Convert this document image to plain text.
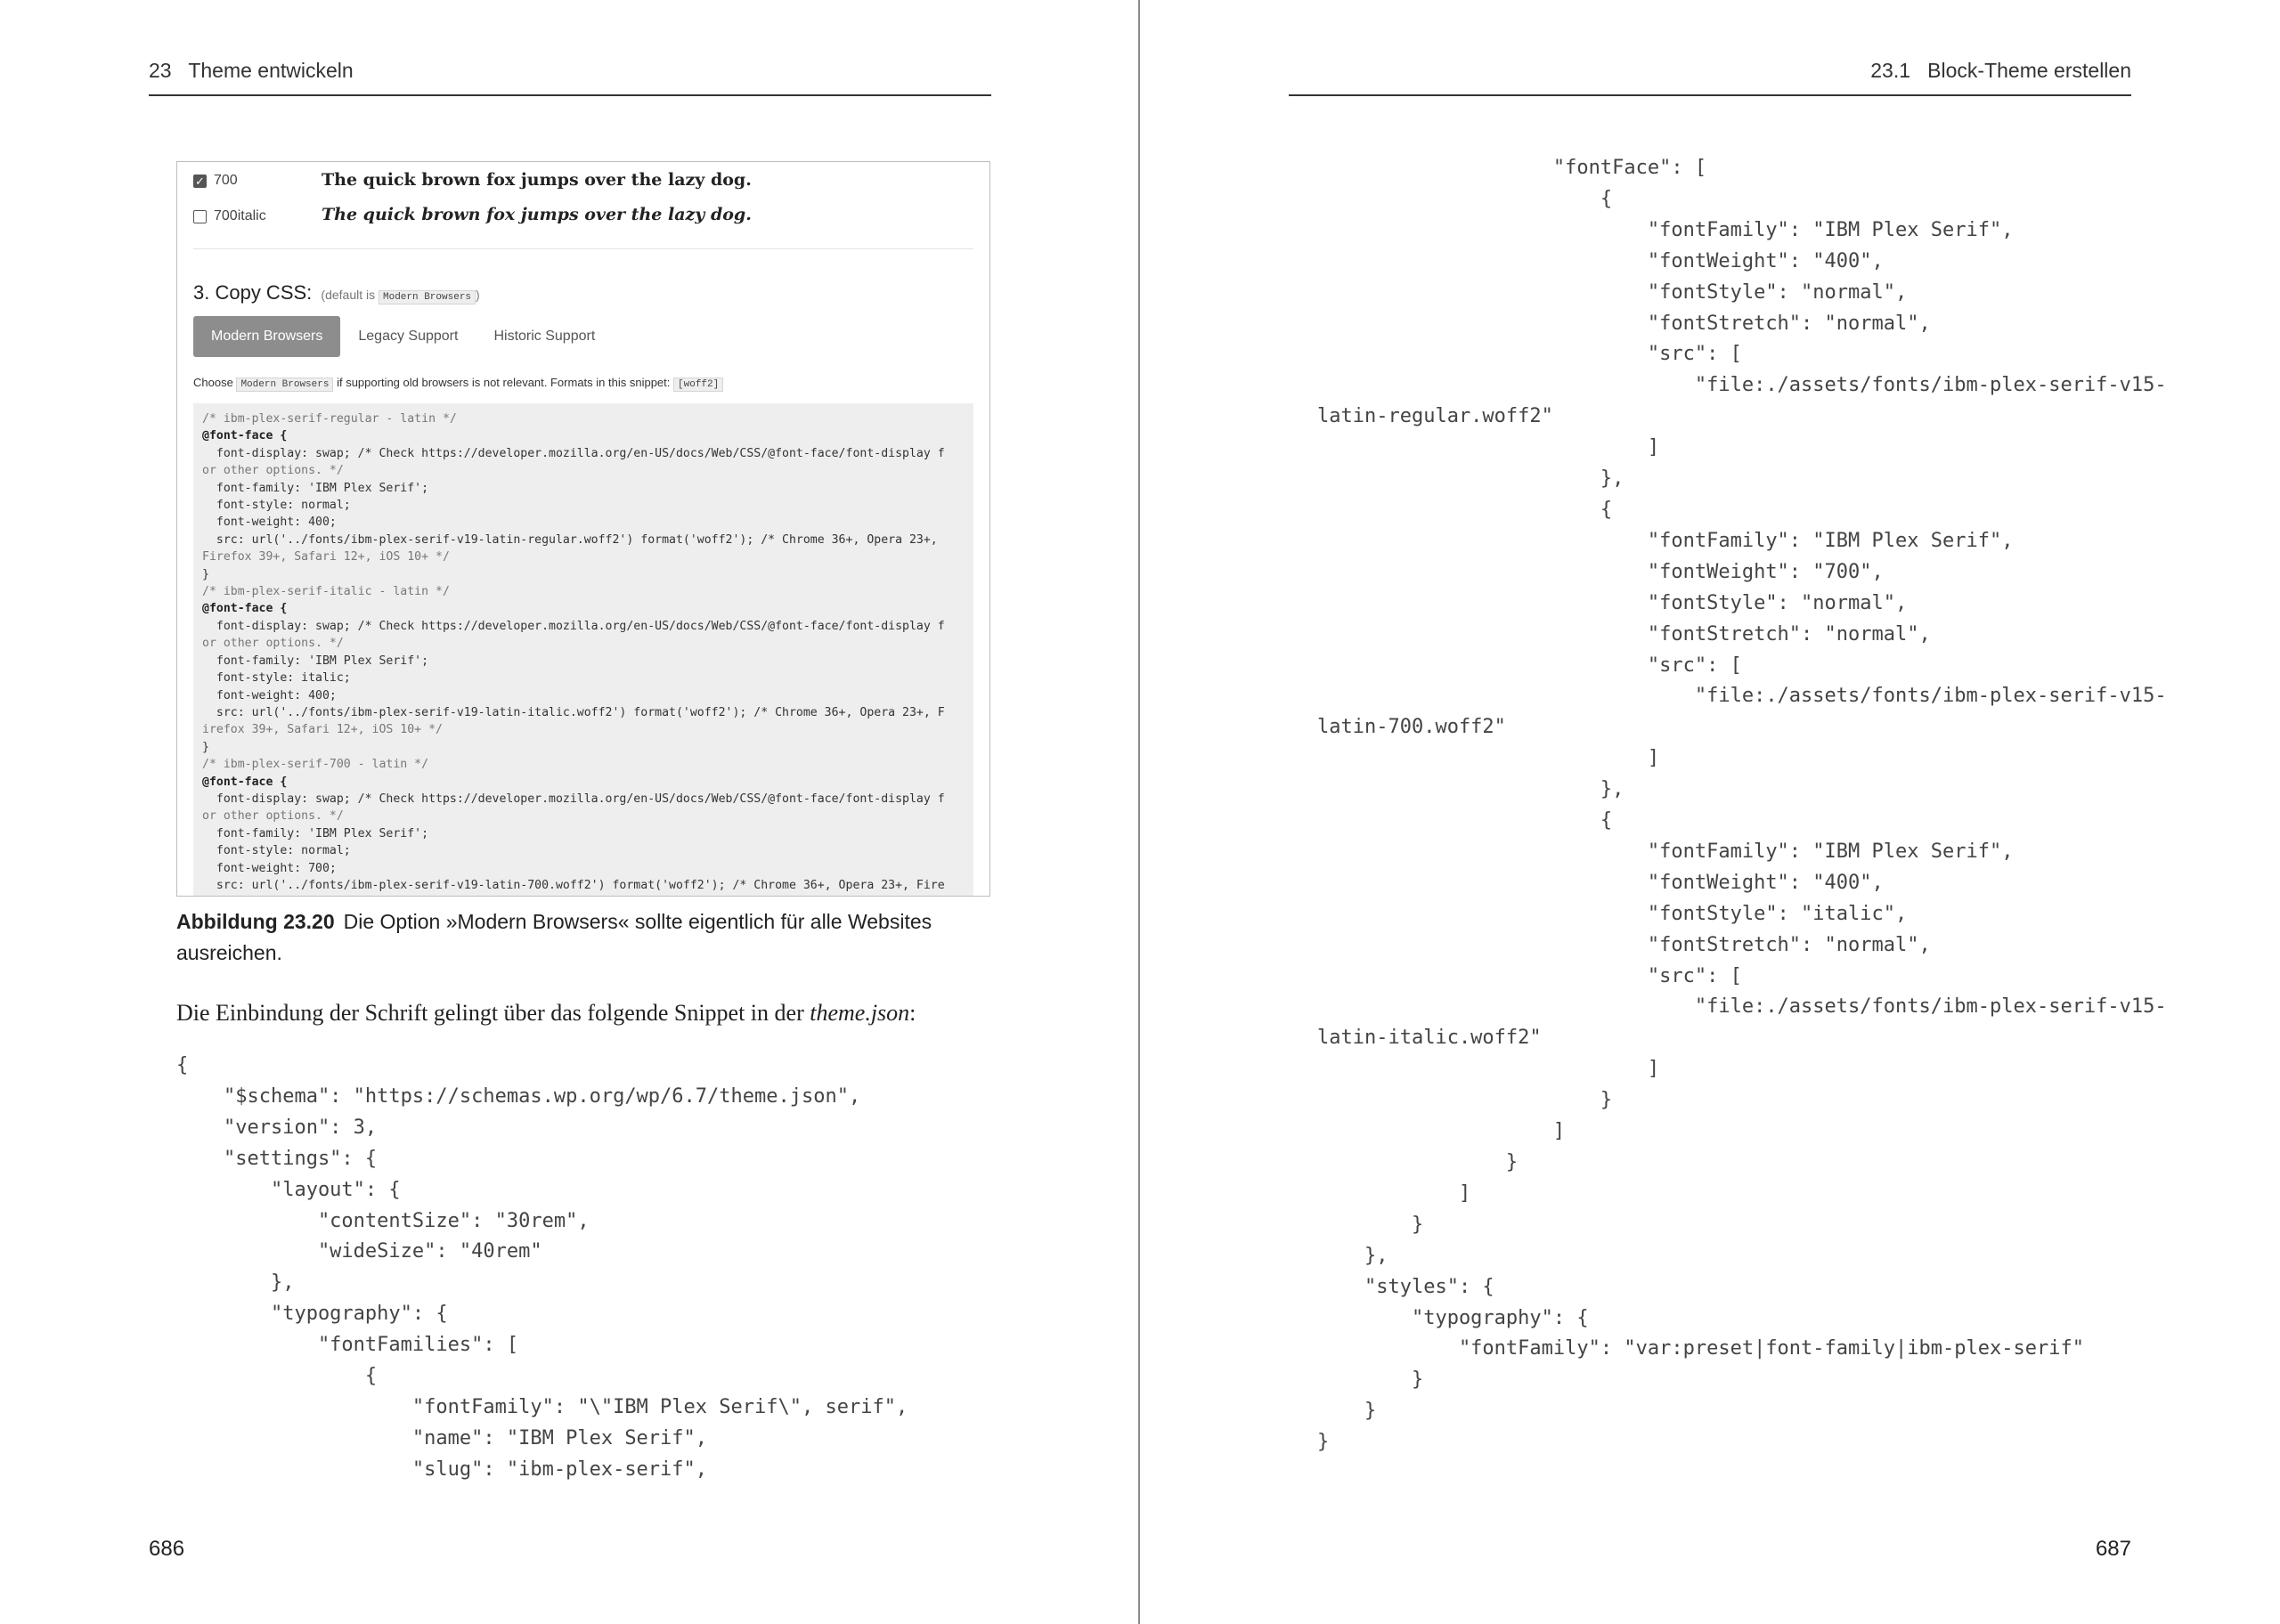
23   Theme entwickeln
✓ 700	The quick brown fox jumps over the lazy dog.
700italic	The quick brown fox jumps over the lazy dog.
3. Copy CSS: (default is Modern Browsers )
Modern Browsers	Legacy Support	Historic Support
Choose Modern Browsers if supporting old browsers is not relevant. Formats in this snippet: [woff2]
/* ibm-plex-serif-regular - latin */
@font-face {
font-display: swap; /* Check https://developer.mozilla.org/en-US/docs/Web/CSS/@font-face/font-display f
or other options. */
font-family: 'IBM Plex Serif';
font-style: normal;
font-weight: 400;
src: url('../fonts/ibm-plex-serif-v19-latin-regular.woff2') format('woff2'); /* Chrome 36+, Opera 23+,
Firefox 39+, Safari 12+, iOS 10+ */
}
/* ibm-plex-serif-italic - latin */
@font-face {
font-display: swap; /* Check https://developer.mozilla.org/en-US/docs/Web/CSS/@font-face/font-display f
or other options. */
font-family: 'IBM Plex Serif';
font-style: italic;
font-weight: 400;
src: url('../fonts/ibm-plex-serif-v19-latin-italic.woff2') format('woff2'); /* Chrome 36+, Opera 23+, F
irefox 39+, Safari 12+, iOS 10+ */
}
/* ibm-plex-serif-700 - latin */
@font-face {
font-display: swap; /* Check https://developer.mozilla.org/en-US/docs/Web/CSS/@font-face/font-display f
or other options. */
font-family: 'IBM Plex Serif';
font-style: normal;
font-weight: 700;
src: url('../fonts/ibm-plex-serif-v19-latin-700.woff2') format('woff2'); /* Chrome 36+, Opera 23+, Fire
Abbildung 23.20 Die Option »Modern Browsers« sollte eigentlich für alle Websites ausreichen.
Die Einbindung der Schrift gelingt über das folgende Snippet in der theme.json:
{
"$schema": "https://schemas.wp.org/wp/6.7/theme.json",
"version": 3,
"settings": {
"layout": {
"contentSize": "30rem",
"wideSize": "40rem"
},
"typography": {
"fontFamilies": [
{
"fontFamily": "\"IBM Plex Serif\", serif",
"name": "IBM Plex Serif",
"slug": "ibm-plex-serif",
686
23.1   Block-Theme erstellen
"fontFace": [
{
"fontFamily": "IBM Plex Serif",
"fontWeight": "400",
"fontStyle": "normal",
"fontStretch": "normal",
"src": [
"file:./assets/fonts/ibm-plex-serif-v15-
latin-regular.woff2"
]
},
{
"fontFamily": "IBM Plex Serif",
"fontWeight": "700",
"fontStyle": "normal",
"fontStretch": "normal",
"src": [
"file:./assets/fonts/ibm-plex-serif-v15-
latin-700.woff2"
]
},
{
"fontFamily": "IBM Plex Serif",
"fontWeight": "400",
"fontStyle": "italic",
"fontStretch": "normal",
"src": [
"file:./assets/fonts/ibm-plex-serif-v15-
latin-italic.woff2"
]
}
]
}
]
}
},
"styles": {
"typography": {
"fontFamily": "var:preset|font-family|ibm-plex-serif"
}
}
}
687
